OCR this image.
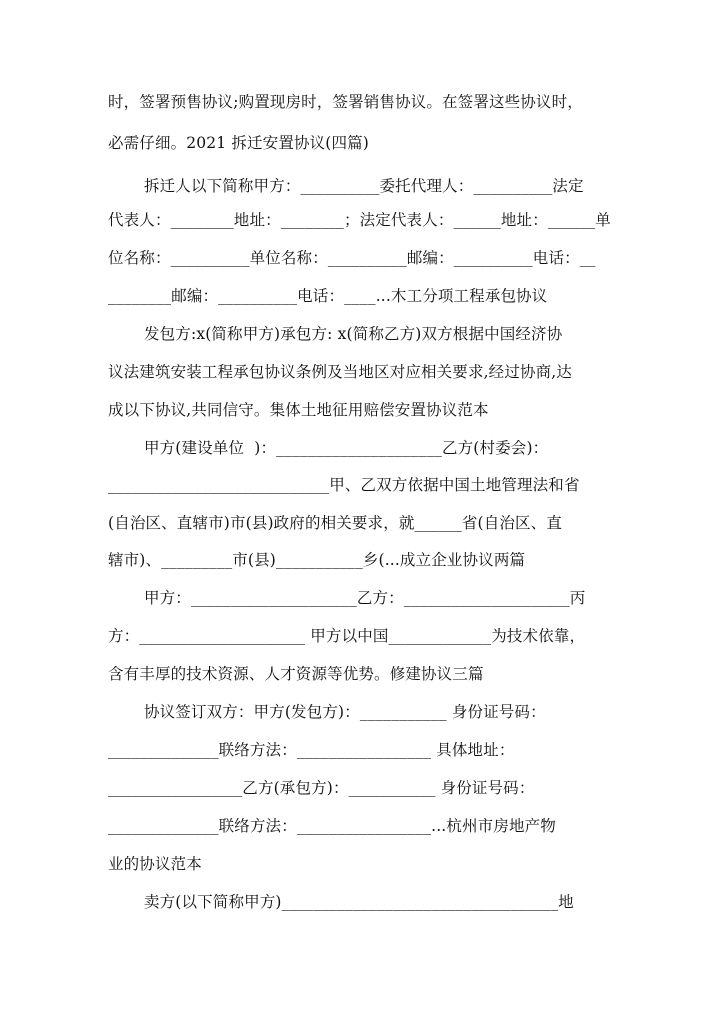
时，签署预售协议;购置现房时，签署销售协议。在签署这些协议时，
必需仔细。2021 拆迁安置协议(四篇)
拆迁人以下简称甲方：__________委托代理人：__________法定
代表人：________地址：________；法定代表人：______地址：______单
位名称：__________单位名称：__________邮编：__________电话：__
________邮编：__________电话：____...木工分项工程承包协议
发包方:x(简称甲方)承包方: x(简称乙方)双方根据中国经济协
议法建筑安装工程承包协议条例及当地区对应相关要求,经过协商,达
成以下协议,共同信守。集体土地征用赔偿安置协议范本
甲方(建设单位  )：_____________________乙方(村委会)：
____________________________甲、乙双方依据中国土地管理法和省
(自治区、直辖市)市(县)政府的相关要求，就______省(自治区、直
辖市)、_________市(县)___________乡(...成立企业协议两篇
甲方：_____________________乙方：_____________________丙
方：_____________________ 甲方以中国_____________为技术依靠，
含有丰厚的技术资源、人才资源等优势。修建协议三篇
协议签订双方：甲方(发包方)：___________ 身份证号码：
______________联络方法：_________________ 具体地址：
_________________乙方(承包方)：___________ 身份证号码：
______________联络方法：_________________...杭州市房地产物
业的协议范本
卖方(以下简称甲方)___________________________________地
